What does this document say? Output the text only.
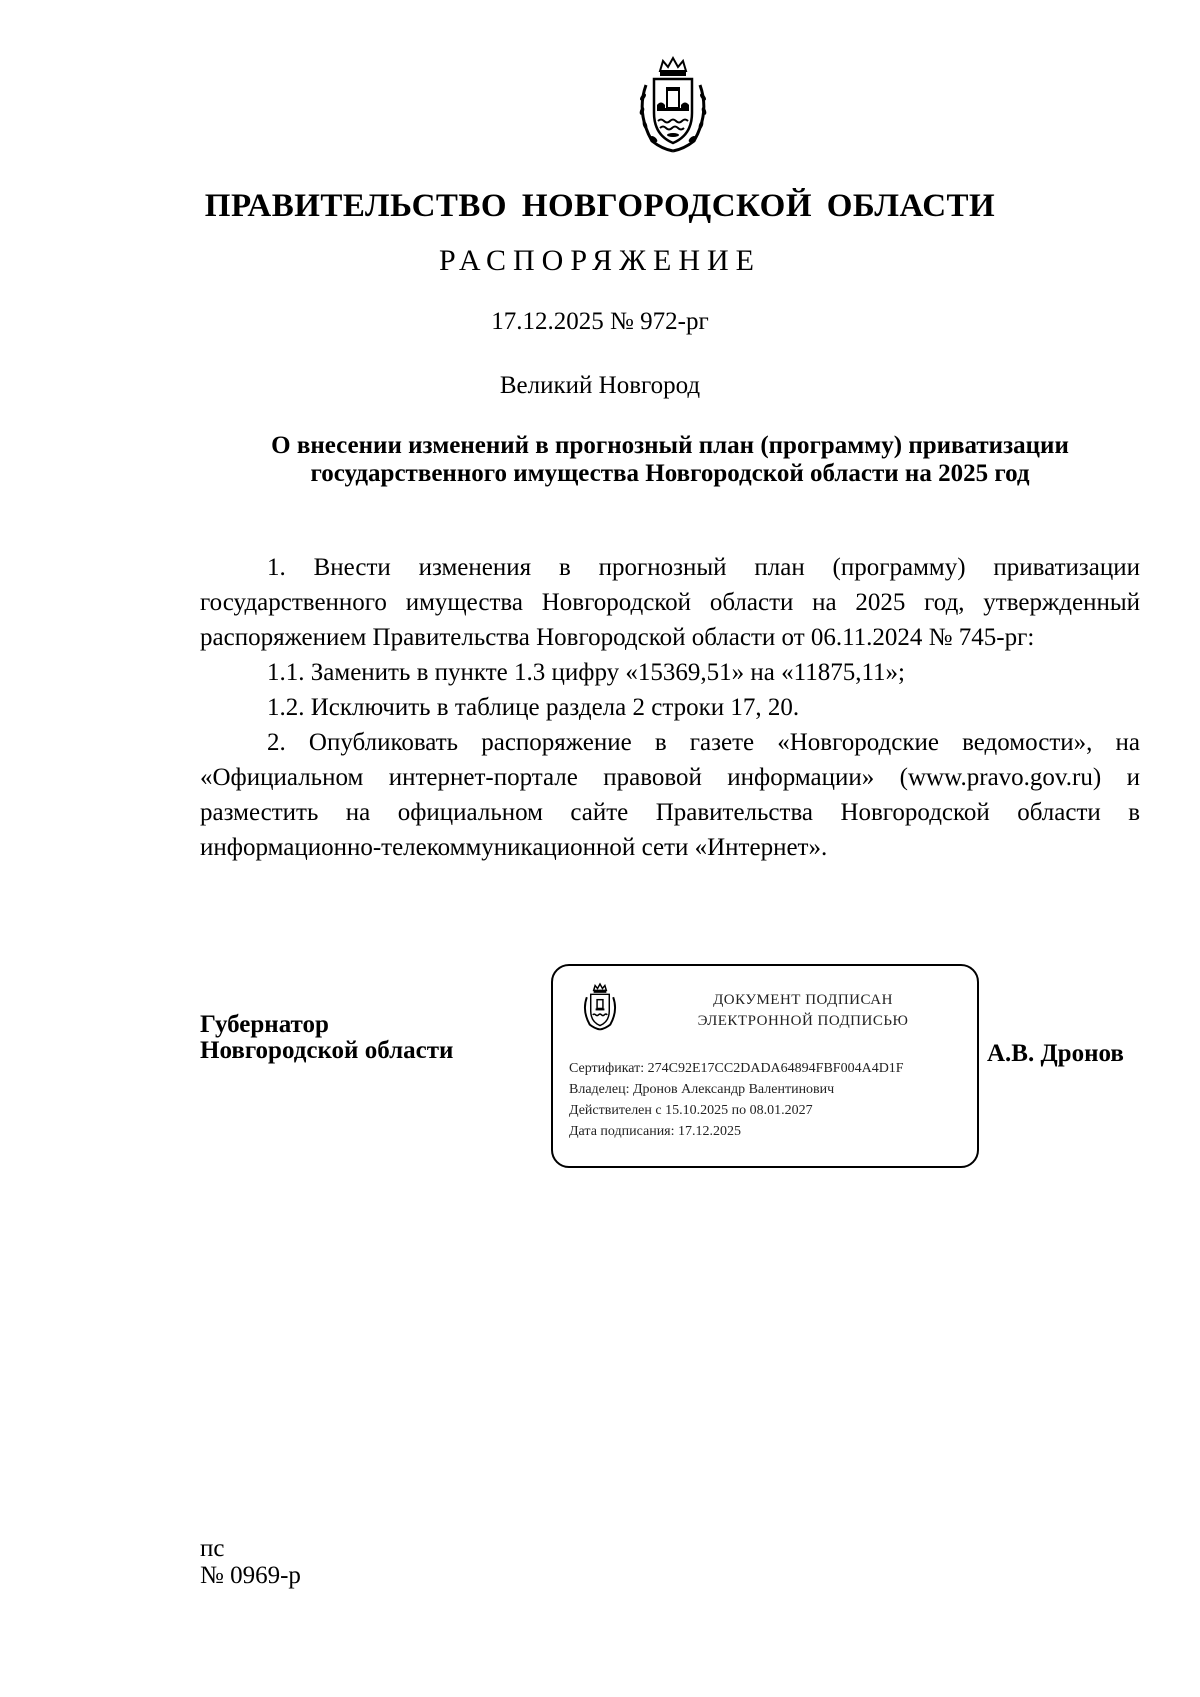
ПРАВИТЕЛЬСТВО НОВГОРОДСКОЙ ОБЛАСТИ
РАСПОРЯЖЕНИЕ
17.12.2025 № 972-рг
Великий Новгород
О внесении изменений в прогнозный план (программу) приватизации
государственного имущества Новгородской области на 2025 год

1. Внести изменения в прогнозный план (программу) приватизации государственного имущества Новгородской области на 2025 год, утвержденный распоряжением Правительства Новгородской области от 06.11.2024 № 745-рг:

1.1. Заменить в пункте 1.3 цифру «15369,51» на «11875,11»;

1.2. Исключить в таблице раздела 2 строки 17, 20.

2. Опубликовать распоряжение в газете «Новгородские ведомости», на «Официальном интернет-портале правовой информации» (www.pravo.gov.ru) и разместить на официальном сайте Правительства Новгородской области в информационно-телекоммуникационной сети «Интернет».

Губернатор
Новгородской области
ДОКУМЕНТ ПОДПИСАН
ЭЛЕКТРОННОЙ ПОДПИСЬЮ
Сертификат: 274C92E17CC2DADA64894FBF004A4D1F
Владелец: Дронов Александр Валентинович
Действителен с 15.10.2025 по 08.01.2027
Дата подписания: 17.12.2025
А.В. Дронов
пс
№ 0969-р
